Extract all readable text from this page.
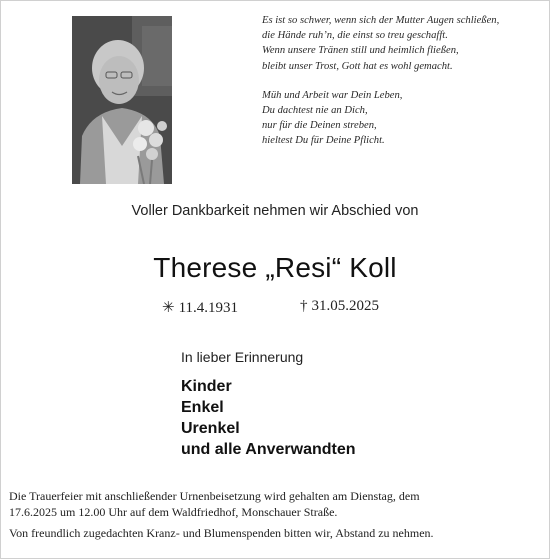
Es ist so schwer, wenn sich der Mutter Augen schließen,
die Hände ruh’n, die einst so treu geschafft.
Wenn unsere Tränen still und heimlich fließen,
bleibt unser Trost, Gott hat es wohl gemacht.
Müh und Arbeit war Dein Leben,
Du dachtest nie an Dich,
nur für die Deinen streben,
hieltest Du für Deine Pflicht.
Voller Dankbarkeit nehmen wir Abschied von
Therese „Resi“ Koll
✳ 11.4.1931	† 31.05.2025
In lieber Erinnerung
Kinder
Enkel
Urenkel
und alle Anverwandten

Die Trauerfeier mit anschließender Urnenbeisetzung wird gehalten am Dienstag, dem
17.6.2025 um 12.00 Uhr auf dem Waldfriedhof, Monschauer Straße.

Von freundlich zugedachten Kranz- und Blumenspenden bitten wir, Abstand zu nehmen.
